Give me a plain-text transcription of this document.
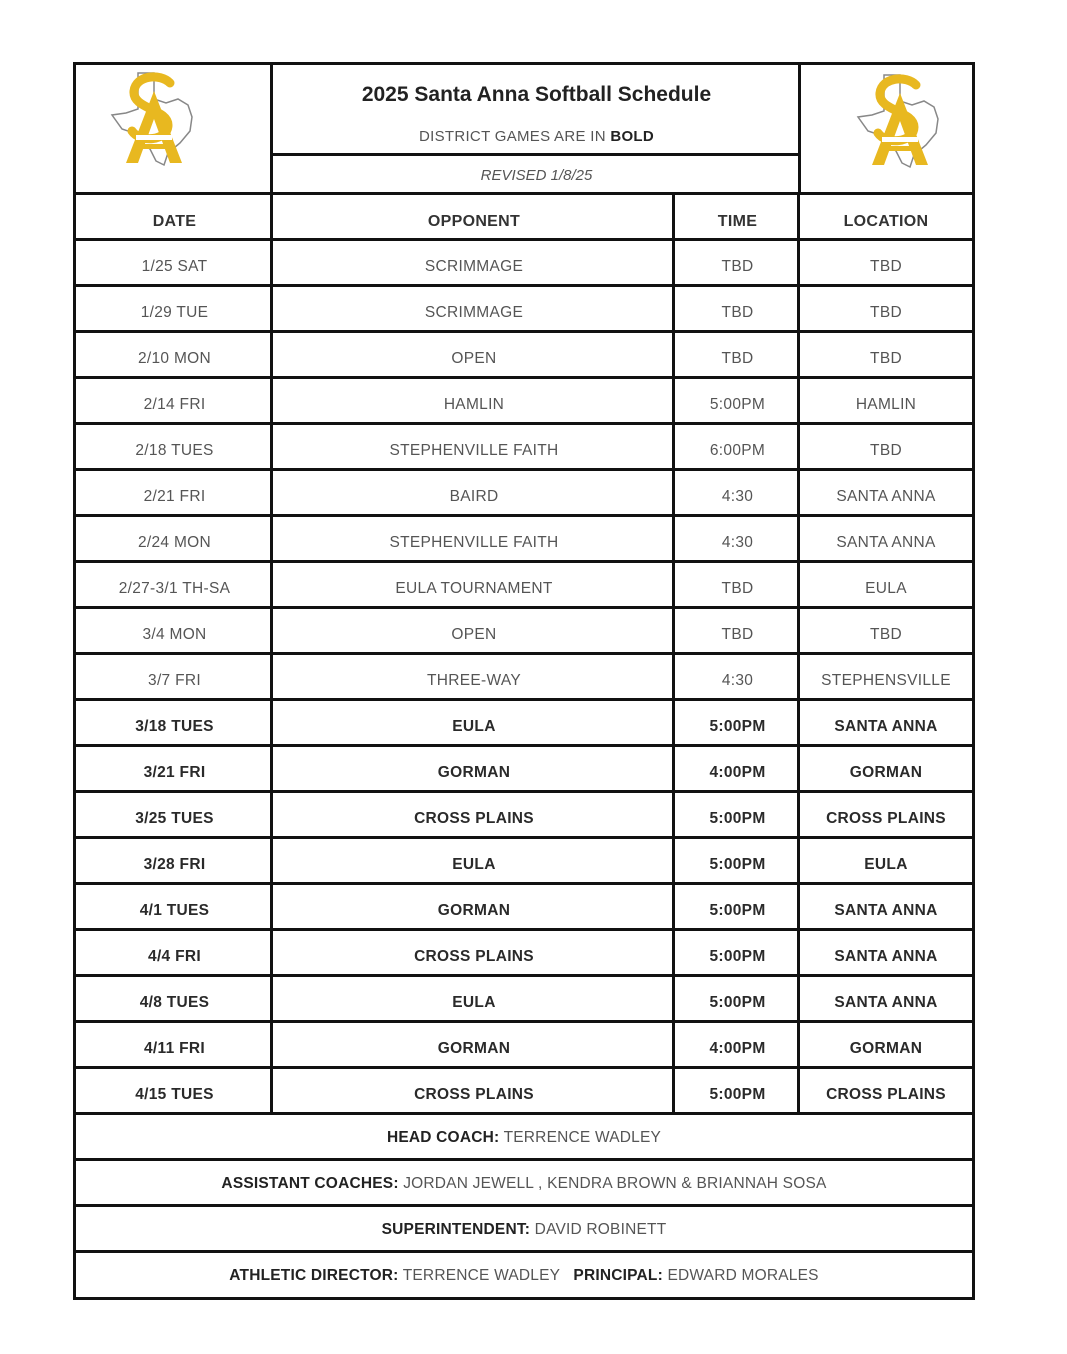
2025 Santa Anna Softball Schedule
DISTRICT GAMES ARE IN BOLD
REVISED 1/8/25
DATE	OPPONENT	TIME	LOCATION
1/25 SAT	SCRIMMAGE	TBD	TBD
1/29 TUE	SCRIMMAGE	TBD	TBD
2/10 MON	OPEN	TBD	TBD
2/14 FRI	HAMLIN	5:00PM	HAMLIN
2/18 TUES	STEPHENVILLE FAITH	6:00PM	TBD
2/21 FRI	BAIRD	4:30	SANTA ANNA
2/24 MON	STEPHENVILLE FAITH	4:30	SANTA ANNA
2/27-3/1 TH-SA	EULA TOURNAMENT	TBD	EULA
3/4 MON	OPEN	TBD	TBD
3/7 FRI	THREE-WAY	4:30	STEPHENSVILLE
3/18 TUES	EULA	5:00PM	SANTA ANNA
3/21 FRI	GORMAN	4:00PM	GORMAN
3/25 TUES	CROSS PLAINS	5:00PM	CROSS PLAINS
3/28 FRI	EULA	5:00PM	EULA
4/1 TUES	GORMAN	5:00PM	SANTA ANNA
4/4 FRI	CROSS PLAINS	5:00PM	SANTA ANNA
4/8 TUES	EULA	5:00PM	SANTA ANNA
4/11 FRI	GORMAN	4:00PM	GORMAN
4/15 TUES	CROSS PLAINS	5:00PM	CROSS PLAINS
HEAD COACH: TERRENCE WADLEY
ASSISTANT COACHES: JORDAN JEWELL , KENDRA BROWN & BRIANNAH SOSA
SUPERINTENDENT: DAVID ROBINETT
ATHLETIC DIRECTOR: TERRENCE WADLEY PRINCIPAL: EDWARD MORALES
